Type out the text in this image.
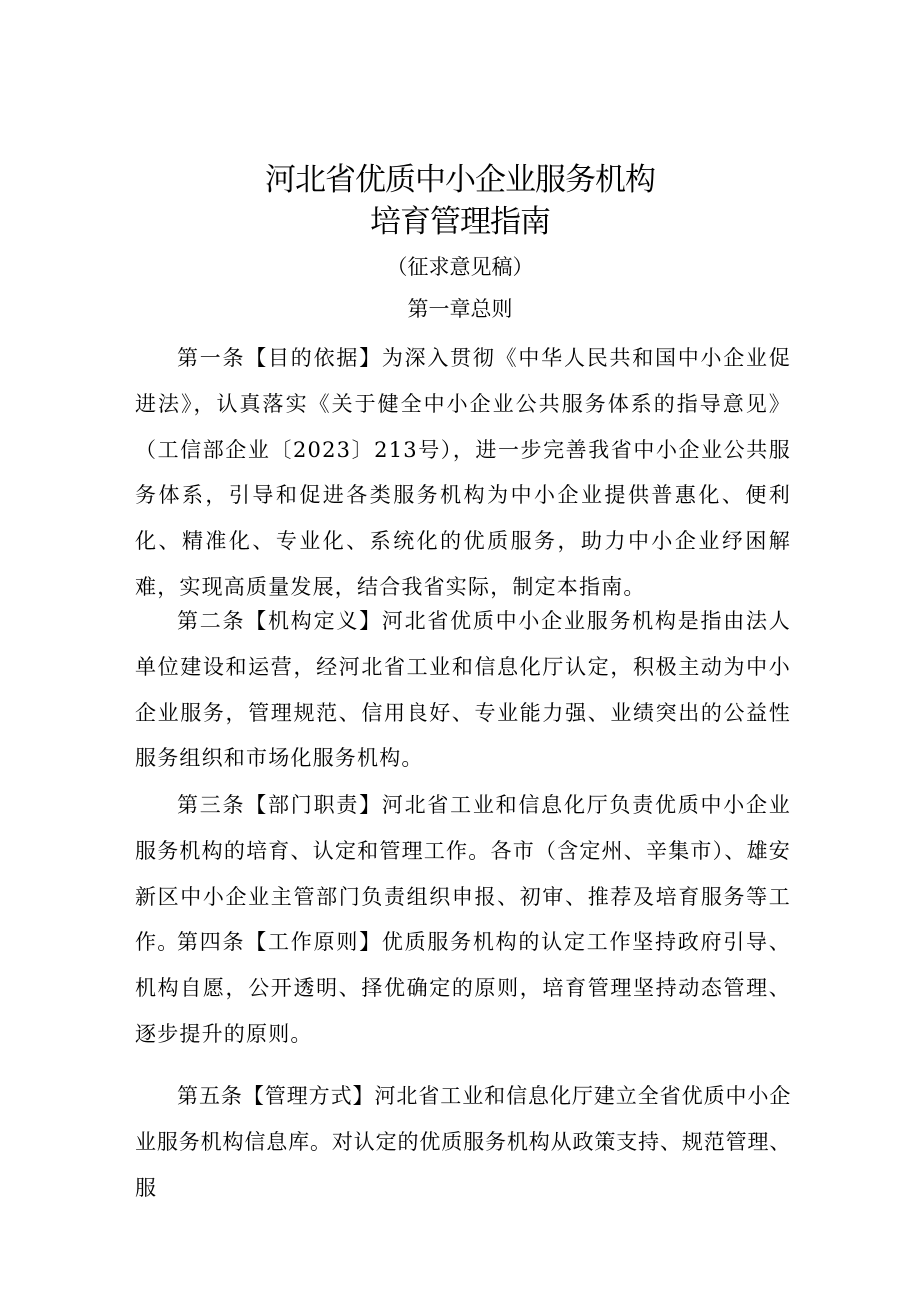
河北省优质中小企业服务机构
培育管理指南
（征求意见稿）
第一章总则

第一条【目的依据】为深入贯彻《中华人民共和国中小企业促进法》，认真落实《关于健全中小企业公共服务体系的指导意见》（工信部企业〔2023〕213号），进一步完善我省中小企业公共服务体系，引导和促进各类服务机构为中小企业提供普惠化、便利化、精准化、专业化、系统化的优质服务，助力中小企业纾困解难，实现高质量发展，结合我省实际，制定本指南。

第二条【机构定义】河北省优质中小企业服务机构是指由法人单位建设和运营，经河北省工业和信息化厅认定，积极主动为中小企业服务，管理规范、信用良好、专业能力强、业绩突出的公益性服务组织和市场化服务机构。

第三条【部门职责】河北省工业和信息化厅负责优质中小企业服务机构的培育、认定和管理工作。各市（含定州、辛集市）、雄安新区中小企业主管部门负责组织申报、初审、推荐及培育服务等工作。

第四条【工作原则】优质服务机构的认定工作坚持政府引导、机构自愿，公开透明、择优确定的原则，培育管理坚持动态管理、逐步提升的原则。

第五条【管理方式】河北省工业和信息化厅建立全省优质中小企业服务机构信息库。对认定的优质服务机构从政策支持、规范管理、服
